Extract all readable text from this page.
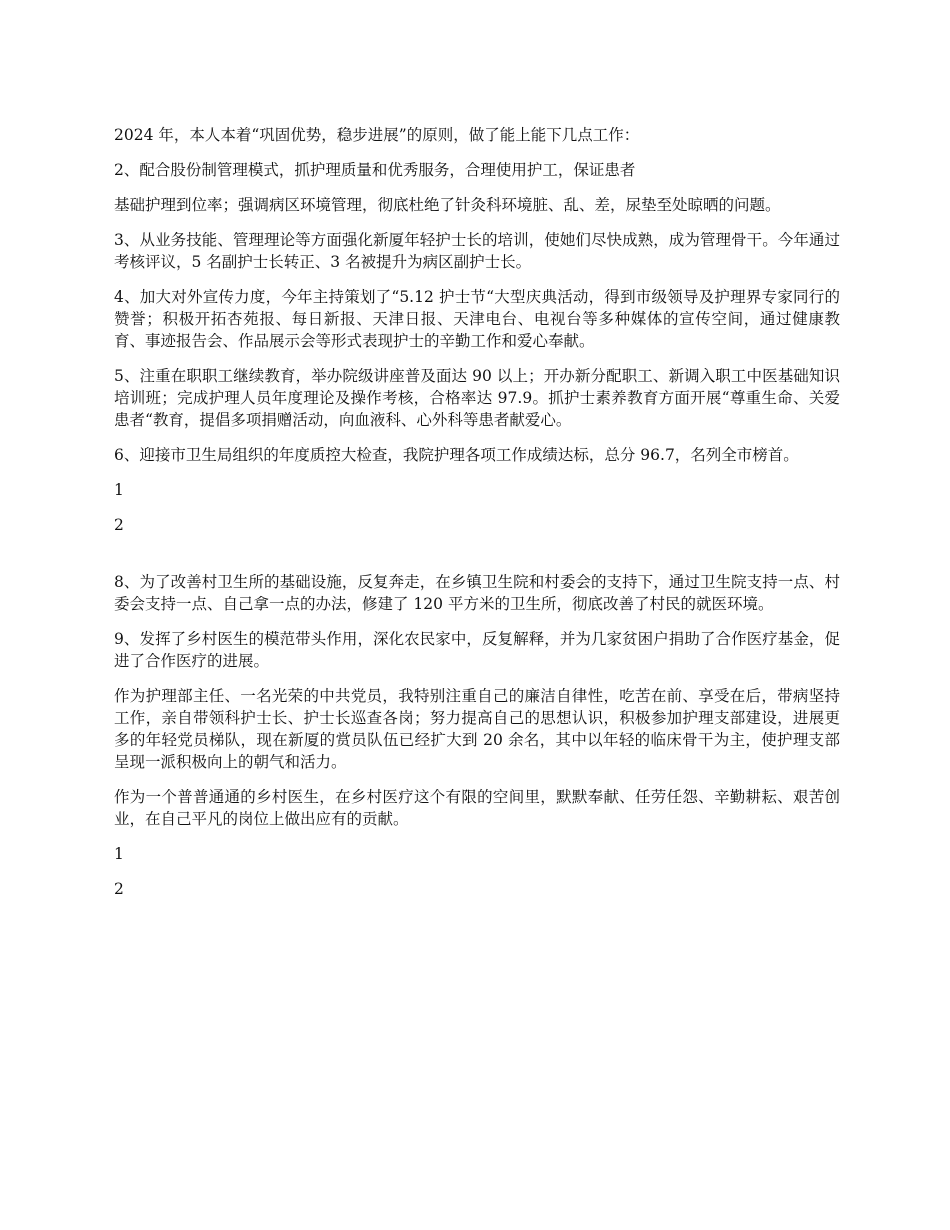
2024 年，本人本着“巩固优势，稳步进展”的原则，做了能上能下几点工作：

2、配合股份制管理模式，抓护理质量和优秀服务，合理使用护工，保证患者

基础护理到位率；强调病区环境管理，彻底杜绝了针灸科环境脏、乱、差，尿垫至处晾晒的问题。

3、从业务技能、管理理论等方面强化新厦年轻护士长的培训，使她们尽快成熟，成为管理骨干。今年通过考核评议，5 名副护士长转正、3 名被提升为病区副护士长。

4、加大对外宣传力度，今年主持策划了“5.12 护士节“大型庆典活动，得到市级领导及护理界专家同行的赞誉；积极开拓杏苑报、每日新报、天津日报、天津电台、电视台等多种媒体的宣传空间，通过健康教育、事迹报告会、作品展示会等形式表现护士的辛勤工作和爱心奉献。

5、注重在职职工继续教育，举办院级讲座普及面达 90 以上；开办新分配职工、新调入职工中医基础知识培训班；完成护理人员年度理论及操作考核，合格率达 97.9。抓护士素养教育方面开展“尊重生命、关爱患者“教育，提倡多项捐赠活动，向血液科、心外科等患者献爱心。

6、迎接市卫生局组织的年度质控大检查，我院护理各项工作成绩达标，总分 96.7，名列全市榜首。

1

2

8、为了改善村卫生所的基础设施，反复奔走，在乡镇卫生院和村委会的支持下，通过卫生院支持一点、村委会支持一点、自己拿一点的办法，修建了 120 平方米的卫生所，彻底改善了村民的就医环境。

9、发挥了乡村医生的模范带头作用，深化农民家中，反复解释，并为几家贫困户捐助了合作医疗基金，促进了合作医疗的进展。

作为护理部主任、一名光荣的中共党员，我特别注重自己的廉洁自律性，吃苦在前、享受在后，带病坚持工作，亲自带领科护士长、护士长巡查各岗；努力提高自己的思想认识，积极参加护理支部建设，进展更多的年轻党员梯队，现在新厦的赏员队伍已经扩大到 20 余名，其中以年轻的临床骨干为主，使护理支部呈现一派积极向上的朝气和活力。

作为一个普普通通的乡村医生，在乡村医疗这个有限的空间里，默默奉献、任劳任怨、辛勤耕耘、艰苦创业，在自己平凡的岗位上做出应有的贡献。

1

2
